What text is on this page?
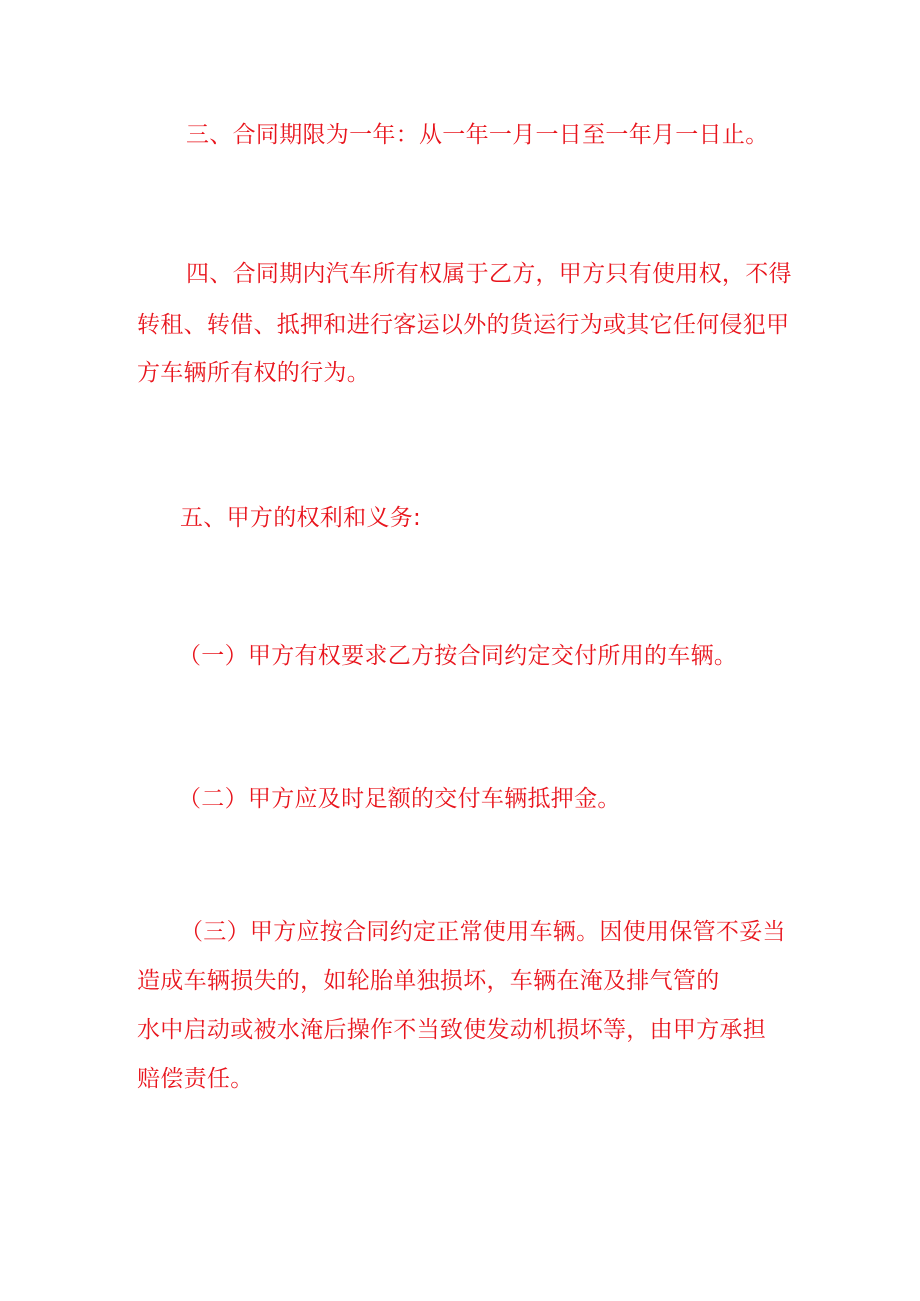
三、合同期限为一年：从一年一月一日至一年月一日止。

四、合同期内汽车所有权属于乙方，甲方只有使用权，不得

转租、转借、抵押和进行客运以外的货运行为或其它任何侵犯甲

方车辆所有权的行为。

五、甲方的权利和义务:

（一）甲方有权要求乙方按合同约定交付所用的车辆。

（二）甲方应及时足额的交付车辆抵押金。

（三）甲方应按合同约定正常使用车辆。因使用保管不妥当

造成车辆损失的，如轮胎单独损坏，车辆在淹及排气管的

水中启动或被水淹后操作不当致使发动机损坏等，由甲方承担

赔偿责任。
